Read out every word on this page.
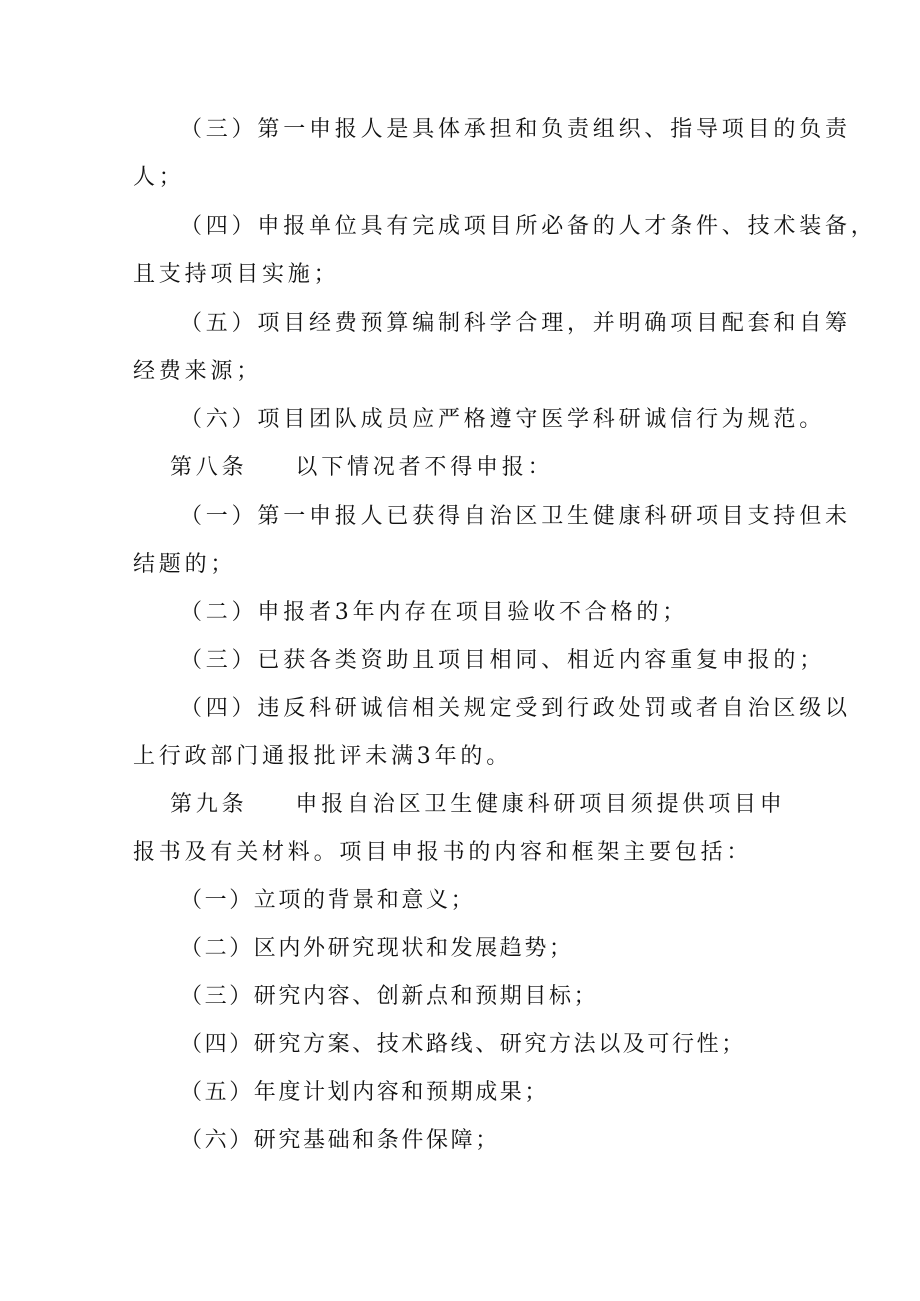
（三）第一申报人是具体承担和负责组织、指导项目的负责
人；
（四）申报单位具有完成项目所必备的人才条件、技术装备，
且支持项目实施；
（五）项目经费预算编制科学合理，并明确项目配套和自筹
经费来源；
（六）项目团队成员应严格遵守医学科研诚信行为规范。
第八条 以下情况者不得申报：
（一）第一申报人已获得自治区卫生健康科研项目支持但未
结题的；
（二）申报者3年内存在项目验收不合格的；
（三）已获各类资助且项目相同、相近内容重复申报的；
（四）违反科研诚信相关规定受到行政处罚或者自治区级以
上行政部门通报批评未满3年的。
第九条 申报自治区卫生健康科研项目须提供项目申
报书及有关材料。项目申报书的内容和框架主要包括：
（一）立项的背景和意义；
（二）区内外研究现状和发展趋势；
（三）研究内容、创新点和预期目标；
（四）研究方案、技术路线、研究方法以及可行性；
（五）年度计划内容和预期成果；
（六）研究基础和条件保障；
